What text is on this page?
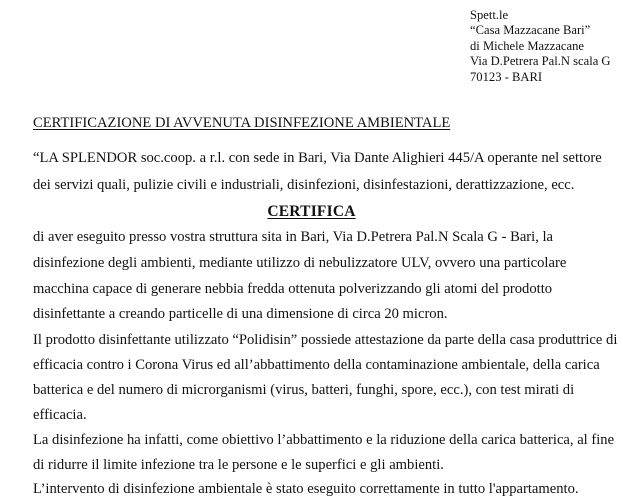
Spett.le
“Casa Mazzacane Bari”
di Michele Mazzacane
Via D.Petrera Pal.N scala G
70123 - BARI
CERTIFICAZIONE DI AVVENUTA DISINFEZIONE AMBIENTALE
“LA SPLENDOR soc.coop. a r.l. con sede in Bari, Via Dante Alighieri 445/A operante nel settore
dei servizi quali, pulizie civili e industriali, disinfezioni, disinfestazioni, derattizzazione, ecc.
CERTIFICA
di aver eseguito presso vostra struttura sita in Bari, Via D.Petrera Pal.N Scala G - Bari, la
disinfezione degli ambienti, mediante utilizzo di nebulizzatore ULV, ovvero una particolare
macchina capace di generare nebbia fredda ottenuta polverizzando gli atomi del prodotto
disinfettante a creando particelle di una dimensione di circa 20 micron.
Il prodotto disinfettante utilizzato “Polidisin” possiede attestazione da parte della casa produttrice di
efficacia contro i Corona Virus ed all’abbattimento della contaminazione ambientale, della carica
batterica e del numero di microrganismi (virus, batteri, funghi, spore, ecc.), con test mirati di
efficacia.
La disinfezione ha infatti, come obiettivo l’abbattimento e la riduzione della carica batterica, al fine
di ridurre il limite infezione tra le persone e le superfici e gli ambienti.
L’intervento di disinfezione ambientale è stato eseguito correttamente in tutto l'appartamento.
